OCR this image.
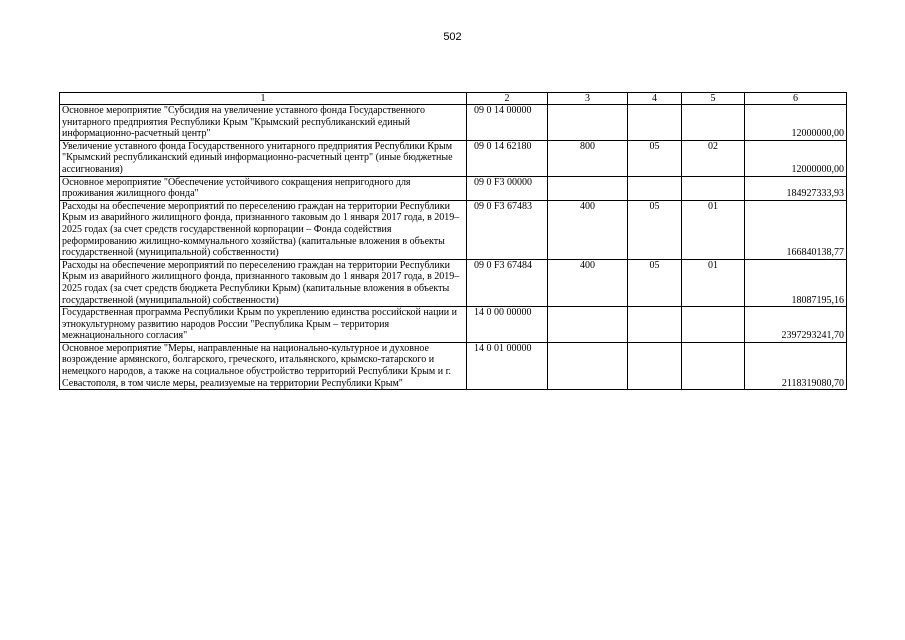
502
1	2	3	4	5	6
Основное мероприятие "Субсидия на увеличение уставного фонда Государственного унитарного предприятия Республики Крым "Крымский республиканский единый информационно-расчетный центр"	09 0 14 00000				12000000,00
Увеличение уставного фонда Государственного унитарного предприятия Республики Крым "Крымский республиканский единый информационно-расчетный центр" (иные бюджетные ассигнования)	09 0 14 62180	800	05	02	12000000,00
Основное мероприятие "Обеспечение устойчивого сокращения непригодного для проживания жилищного фонда"	09 0 F3 00000				184927333,93
Расходы на обеспечение мероприятий по переселению граждан на территории Республики Крым из аварийного жилищного фонда, признанного таковым до 1 января 2017 года, в 2019–2025 годах (за счет средств государственной корпорации – Фонда содействия реформированию жилищно-коммунального хозяйства) (капитальные вложения в объекты государственной (муниципальной) собственности)	09 0 F3 67483	400	05	01	166840138,77
Расходы на обеспечение мероприятий по переселению граждан на территории Республики Крым из аварийного жилищного фонда, признанного таковым до 1 января 2017 года, в 2019–2025 годах (за счет средств бюджета Республики Крым) (капитальные вложения в объекты государственной (муниципальной) собственности)	09 0 F3 67484	400	05	01	18087195,16
Государственная программа Республики Крым по укреплению единства российской нации и этнокультурному развитию народов России "Республика Крым – территория межнационального согласия"	14 0 00 00000				2397293241,70
Основное мероприятие "Меры, направленные на национально-культурное и духовное возрождение армянского, болгарского, греческого, итальянского, крымско-татарского и немецкого народов, а также на социальное обустройство территорий Республики Крым и г. Севастополя, в том числе меры, реализуемые на территории Республики Крым"	14 0 01 00000				2118319080,70
